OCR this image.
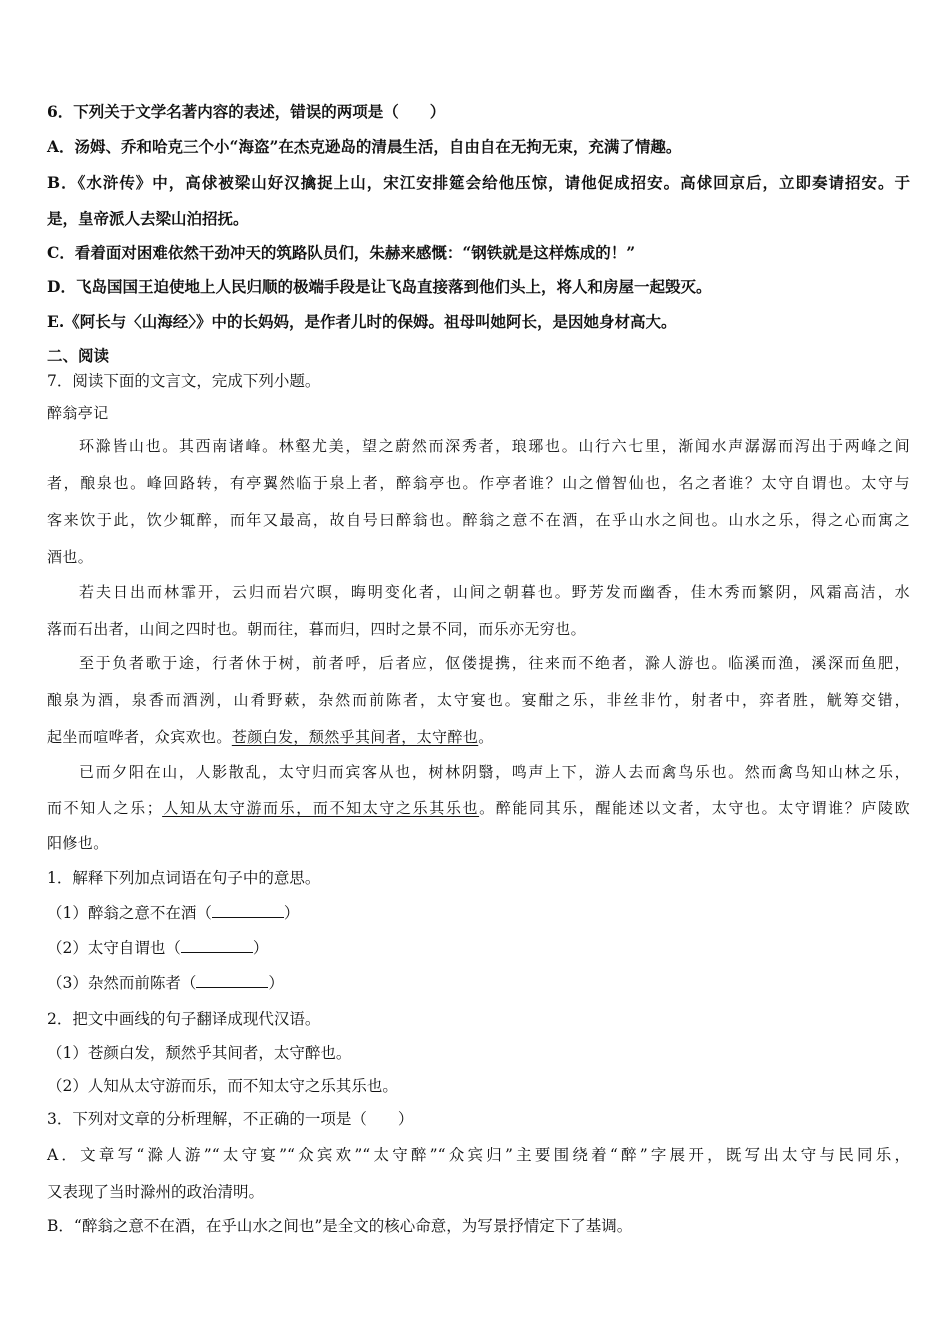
6．下列关于文学名著内容的表述，错误的两项是（　　）
A．汤姆、乔和哈克三个小“海盗”在杰克逊岛的清晨生活，自由自在无拘无束，充满了情趣。
B．《水浒传》中，高俅被梁山好汉擒捉上山，宋江安排筵会给他压惊，请他促成招安。高俅回京后，立即奏请招安。于
是，皇帝派人去梁山泊招抚。
C．看着面对困难依然干劲冲天的筑路队员们，朱赫来感慨：“钢铁就是这样炼成的！”
D．飞岛国国王迫使地上人民归顺的极端手段是让飞岛直接落到他们头上，将人和房屋一起毁灭。
E.《阿长与〈山海经〉》中的长妈妈，是作者儿时的保姆。祖母叫她阿长，是因她身材高大。
二、阅读
7．阅读下面的文言文，完成下列小题。
醉翁亭记
环滁皆山也。其西南诸峰。林壑尤美，望之蔚然而深秀者，琅琊也。山行六七里，渐闻水声潺潺而泻出于两峰之间
者，酿泉也。峰回路转，有亭翼然临于泉上者，醉翁亭也。作亭者谁？山之僧智仙也，名之者谁？太守自谓也。太守与
客来饮于此，饮少辄醉，而年又最高，故自号曰醉翁也。醉翁之意不在酒，在乎山水之间也。山水之乐，得之心而寓之
酒也。
若夫日出而林霏开，云归而岩穴暝，晦明变化者，山间之朝暮也。野芳发而幽香，佳木秀而繁阴，风霜高洁，水
落而石出者，山间之四时也。朝而往，暮而归，四时之景不同，而乐亦无穷也。
至于负者歌于途，行者休于树，前者呼，后者应，伛偻提携，往来而不绝者，滁人游也。临溪而渔，溪深而鱼肥，
酿泉为酒，泉香而酒洌，山肴野蔌，杂然而前陈者，太守宴也。宴酣之乐，非丝非竹，射者中，弈者胜，觥筹交错，
起坐而喧哗者，众宾欢也。苍颜白发，颓然乎其间者，太守醉也。
已而夕阳在山，人影散乱，太守归而宾客从也，树林阴翳，鸣声上下，游人去而禽鸟乐也。然而禽鸟知山林之乐，
而不知人之乐；人知从太守游而乐，而不知太守之乐其乐也。醉能同其乐，醒能述以文者，太守也。太守谓谁？庐陵欧
阳修也。
1．解释下列加点词语在句子中的意思。
（1）醉翁之意不在酒（	）
（2）太守自谓也（	）
（3）杂然而前陈者（	）
2．把文中画线的句子翻译成现代汉语。
（1）苍颜白发，颓然乎其间者，太守醉也。
（2）人知从太守游而乐，而不知太守之乐其乐也。
3．下列对文章的分析理解，不正确的一项是（　　）
A．文章写“滁人游”“太守宴”“众宾欢”“太守醉”“众宾归”主要围绕着“醉”字展开，既写出太守与民同乐，
又表现了当时滁州的政治清明。
B．“醉翁之意不在酒，在乎山水之间也”是全文的核心命意，为写景抒情定下了基调。
